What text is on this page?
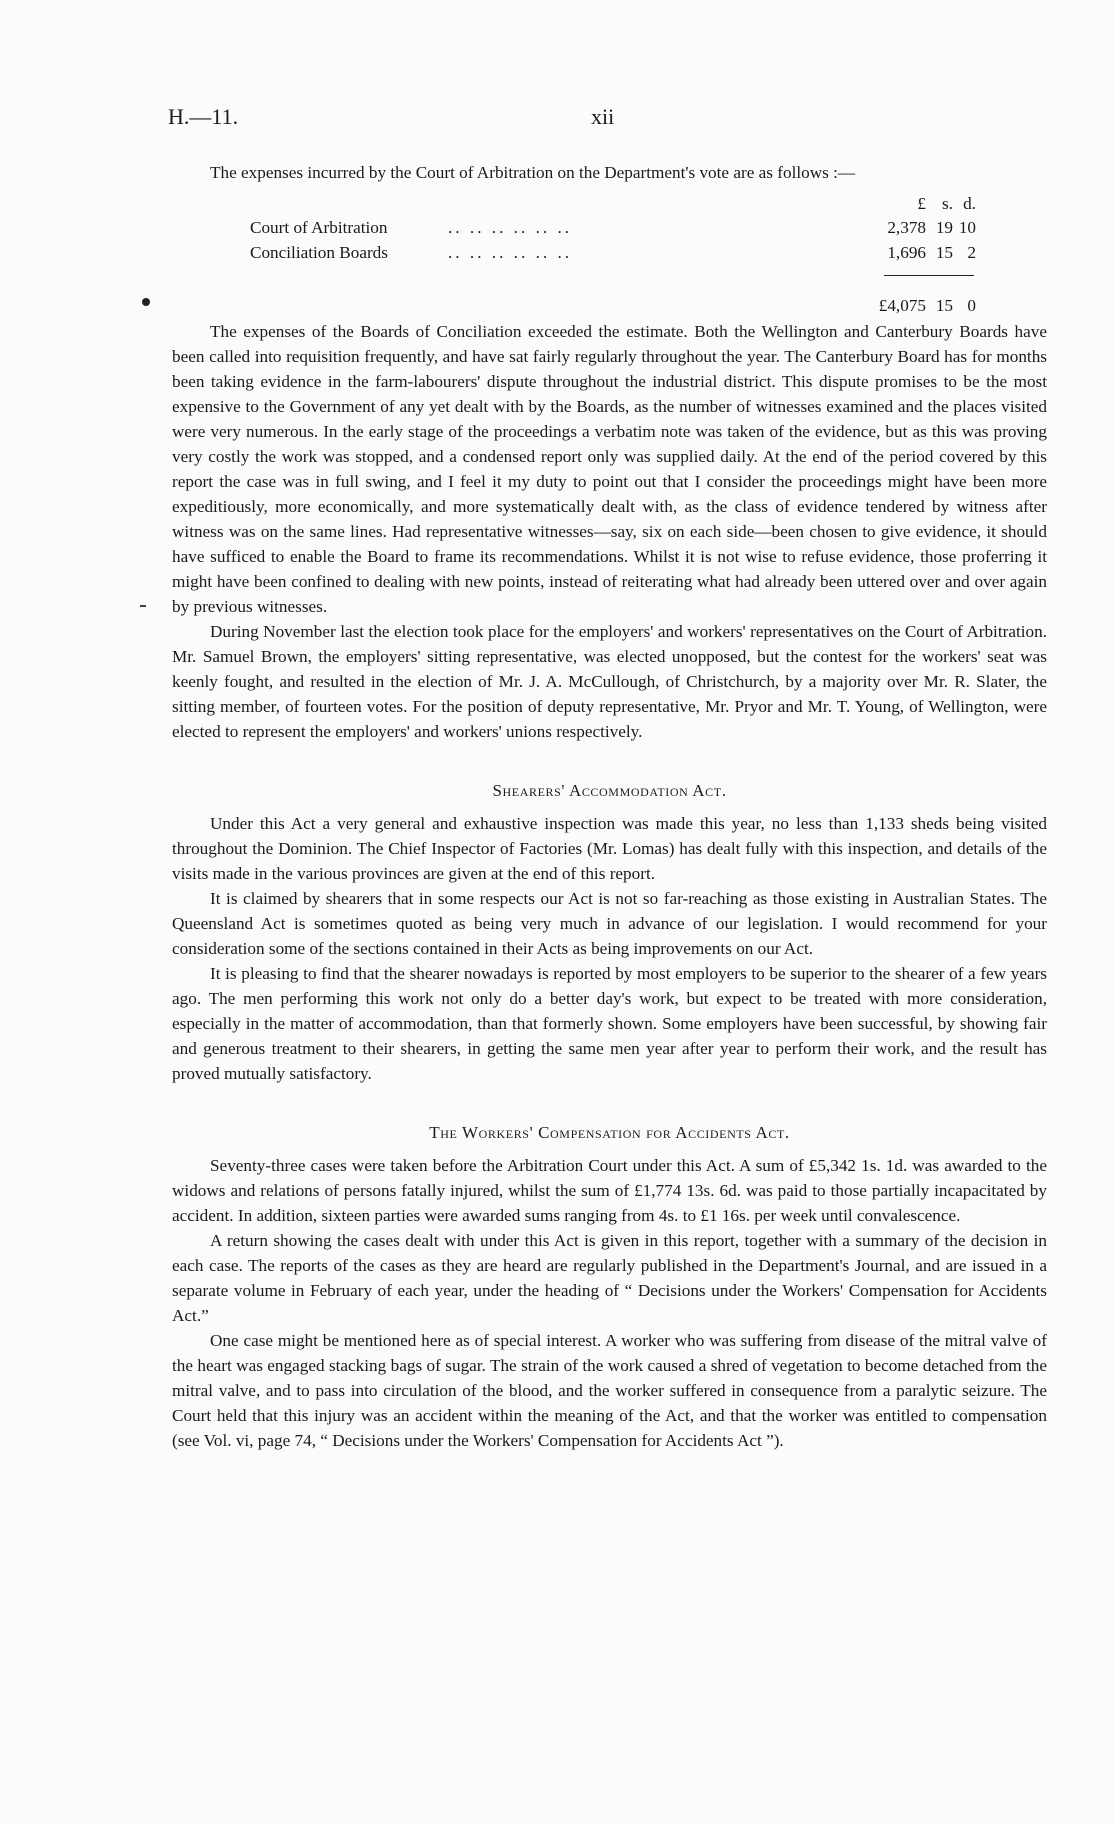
H.—11.	xii

The expenses incurred by the Court of Arbitration on the Department's vote are as follows :—

£ s. d.
Court of Arbitration	.. .. .. .. .. ..	2,378 19 10
Conciliation Boards	.. .. .. .. .. ..	1,696 15 2
£4,075 15 0

The expenses of the Boards of Conciliation exceeded the estimate. Both the Wellington and Canterbury Boards have been called into requisition frequently, and have sat fairly regularly throughout the year. The Canterbury Board has for months been taking evidence in the farm-labourers' dispute throughout the industrial district. This dispute promises to be the most expensive to the Government of any yet dealt with by the Boards, as the number of witnesses examined and the places visited were very numerous. In the early stage of the proceedings a verbatim note was taken of the evidence, but as this was proving very costly the work was stopped, and a condensed report only was supplied daily. At the end of the period covered by this report the case was in full swing, and I feel it my duty to point out that I consider the proceedings might have been more expeditiously, more economically, and more systematically dealt with, as the class of evidence tendered by witness after witness was on the same lines. Had representative witnesses—say, six on each side—been chosen to give evidence, it should have sufficed to enable the Board to frame its recommendations. Whilst it is not wise to refuse evidence, those proferring it might have been confined to dealing with new points, instead of reiterating what had already been uttered over and over again by previous witnesses.

During November last the election took place for the employers' and workers' representatives on the Court of Arbitration. Mr. Samuel Brown, the employers' sitting representative, was elected unopposed, but the contest for the workers' seat was keenly fought, and resulted in the election of Mr. J. A. McCullough, of Christchurch, by a majority over Mr. R. Slater, the sitting member, of fourteen votes. For the position of deputy representative, Mr. Pryor and Mr. T. Young, of Wellington, were elected to represent the employers' and workers' unions respectively.

Shearers' Accommodation Act.

Under this Act a very general and exhaustive inspection was made this year, no less than 1,133 sheds being visited throughout the Dominion. The Chief Inspector of Factories (Mr. Lomas) has dealt fully with this inspection, and details of the visits made in the various provinces are given at the end of this report.

It is claimed by shearers that in some respects our Act is not so far-reaching as those existing in Australian States. The Queensland Act is sometimes quoted as being very much in advance of our legislation. I would recommend for your consideration some of the sections contained in their Acts as being improvements on our Act.

It is pleasing to find that the shearer nowadays is reported by most employers to be superior to the shearer of a few years ago. The men performing this work not only do a better day's work, but expect to be treated with more consideration, especially in the matter of accommodation, than that formerly shown. Some employers have been successful, by showing fair and generous treatment to their shearers, in getting the same men year after year to perform their work, and the result has proved mutually satisfactory.

The Workers' Compensation for Accidents Act.

Seventy-three cases were taken before the Arbitration Court under this Act. A sum of £5,342 1s. 1d. was awarded to the widows and relations of persons fatally injured, whilst the sum of £1,774 13s. 6d. was paid to those partially incapacitated by accident. In addition, sixteen parties were awarded sums ranging from 4s. to £1 16s. per week until convalescence.

A return showing the cases dealt with under this Act is given in this report, together with a summary of the decision in each case. The reports of the cases as they are heard are regularly published in the Department's Journal, and are issued in a separate volume in February of each year, under the heading of “ Decisions under the Workers' Compensation for Accidents Act.”

One case might be mentioned here as of special interest. A worker who was suffering from disease of the mitral valve of the heart was engaged stacking bags of sugar. The strain of the work caused a shred of vegetation to become detached from the mitral valve, and to pass into circulation of the blood, and the worker suffered in consequence from a paralytic seizure. The Court held that this injury was an accident within the meaning of the Act, and that the worker was entitled to compensation (see Vol. vi, page 74, “ Decisions under the Workers' Compensation for Accidents Act ”).
